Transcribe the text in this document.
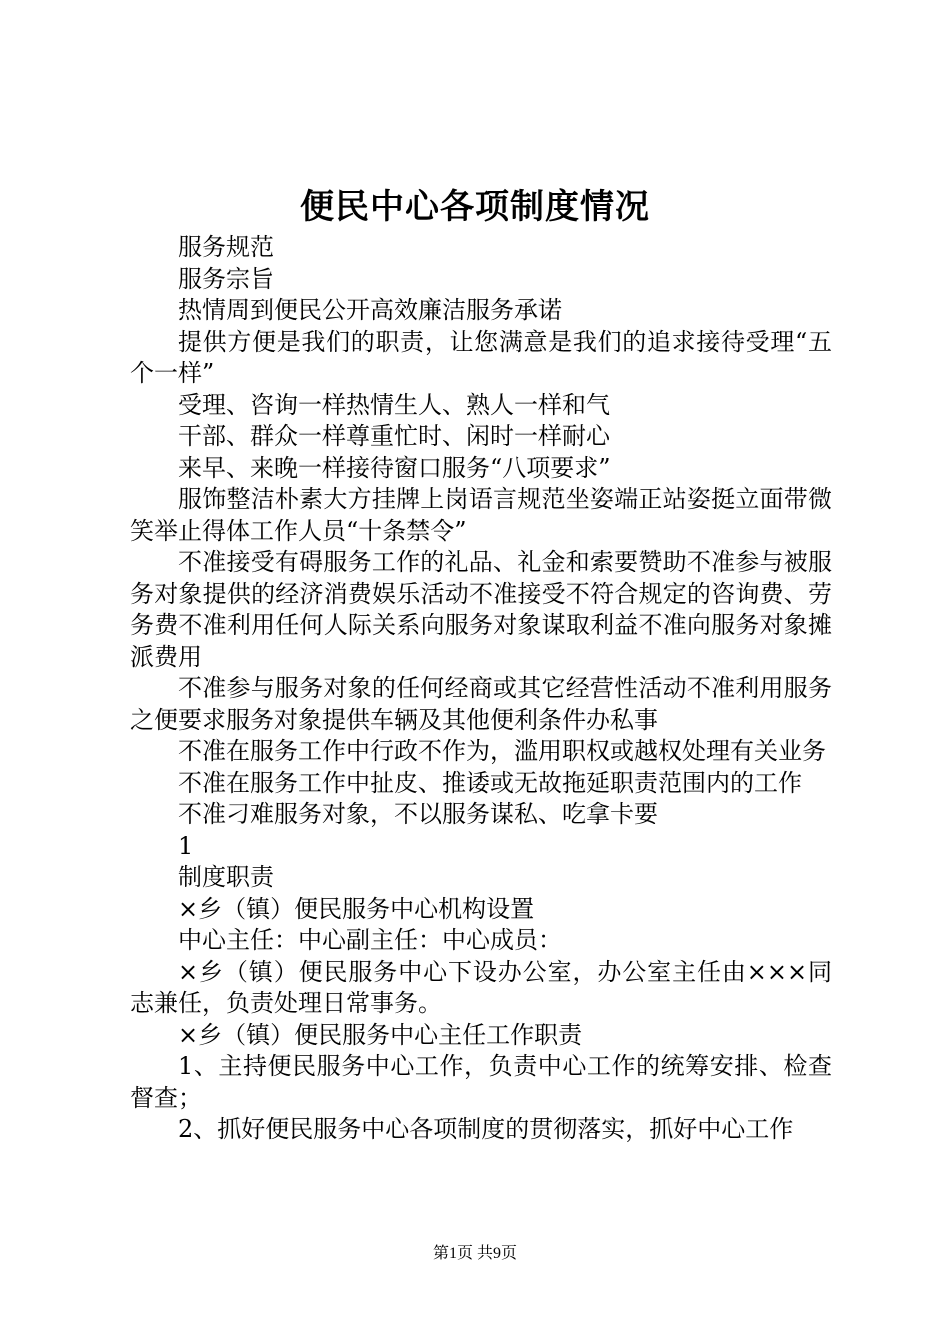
便民中心各项制度情况

服务规范

服务宗旨

热情周到便民公开高效廉洁服务承诺

提供方便是我们的职责，让您满意是我们的追求接待受理“五个一样”

受理、咨询一样热情生人、熟人一样和气

干部、群众一样尊重忙时、闲时一样耐心

来早、来晚一样接待窗口服务“八项要求”

服饰整洁朴素大方挂牌上岗语言规范坐姿端正站姿挺立面带微笑举止得体工作人员“十条禁令”

不准接受有碍服务工作的礼品、礼金和索要赞助不准参与被服务对象提供的经济消费娱乐活动不准接受不符合规定的咨询费、劳务费不准利用任何人际关系向服务对象谋取利益不准向服务对象摊派费用

不准参与服务对象的任何经商或其它经营性活动不准利用服务之便要求服务对象提供车辆及其他便利条件办私事

不准在服务工作中行政不作为，滥用职权或越权处理有关业务

不准在服务工作中扯皮、推诿或无故拖延职责范围内的工作

不准刁难服务对象，不以服务谋私、吃拿卡要

1

制度职责

×乡（镇）便民服务中心机构设置

中心主任：中心副主任：中心成员：

×乡（镇）便民服务中心下设办公室，办公室主任由×××同志兼任，负责处理日常事务。

×乡（镇）便民服务中心主任工作职责

1、主持便民服务中心工作，负责中心工作的统筹安排、检查督查；

2、抓好便民服务中心各项制度的贯彻落实，抓好中心工作

第1页 共9页
